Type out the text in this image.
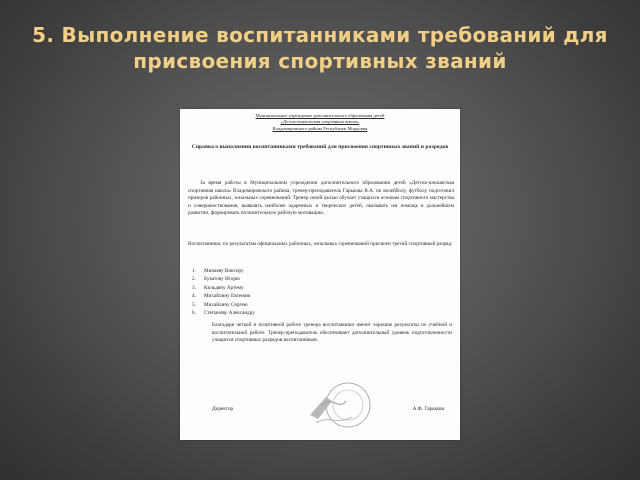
5. Выполнение воспитанниками требований для присвоения спортивных званий
Муниципальное учреждение дополнительного образования детей
«Детско-юношеская спортивная школа»
Владимировского района Республики Мордовия
Справка о выполнении воспитанниками требований для присвоения спортивных званий и разрядов
За время работы в Муниципальном учреждении дополнительного образования детей «Детско-юношеская спортивная школа» Владимировского района, тренер-преподаватель Гарькова В.А. по волейболу, футболу подготовил призеров районных, зональных соревнований. Тренер своей целью обучает учащихся основам спортивного мастерства и совершенствования, выявлять наиболее одаренных и творческих детей, оказывать им помощь в дальнейшем развитии, формировать положительную рабочую мотивацию.
Воспитанники, по результатам официальных районных, зональных соревнований присвоен третий спортивный разряд:
1. Минаеву Виктору
2. Букатову Игорю
3. Кильдяну Артему
4. Михайлину Евгению
5. Михайлину Сергею
6. Степанову Александру
Благодаря четкой и позитивной работе тренера воспитанники имеют хорошие результаты по учебной и воспитательной работе. Тренер-преподаватель обеспечивает дополнительный уровень подготовленности учащихся спортивных разрядов воспитанников.
Директор	А.Ф. Гарькова
